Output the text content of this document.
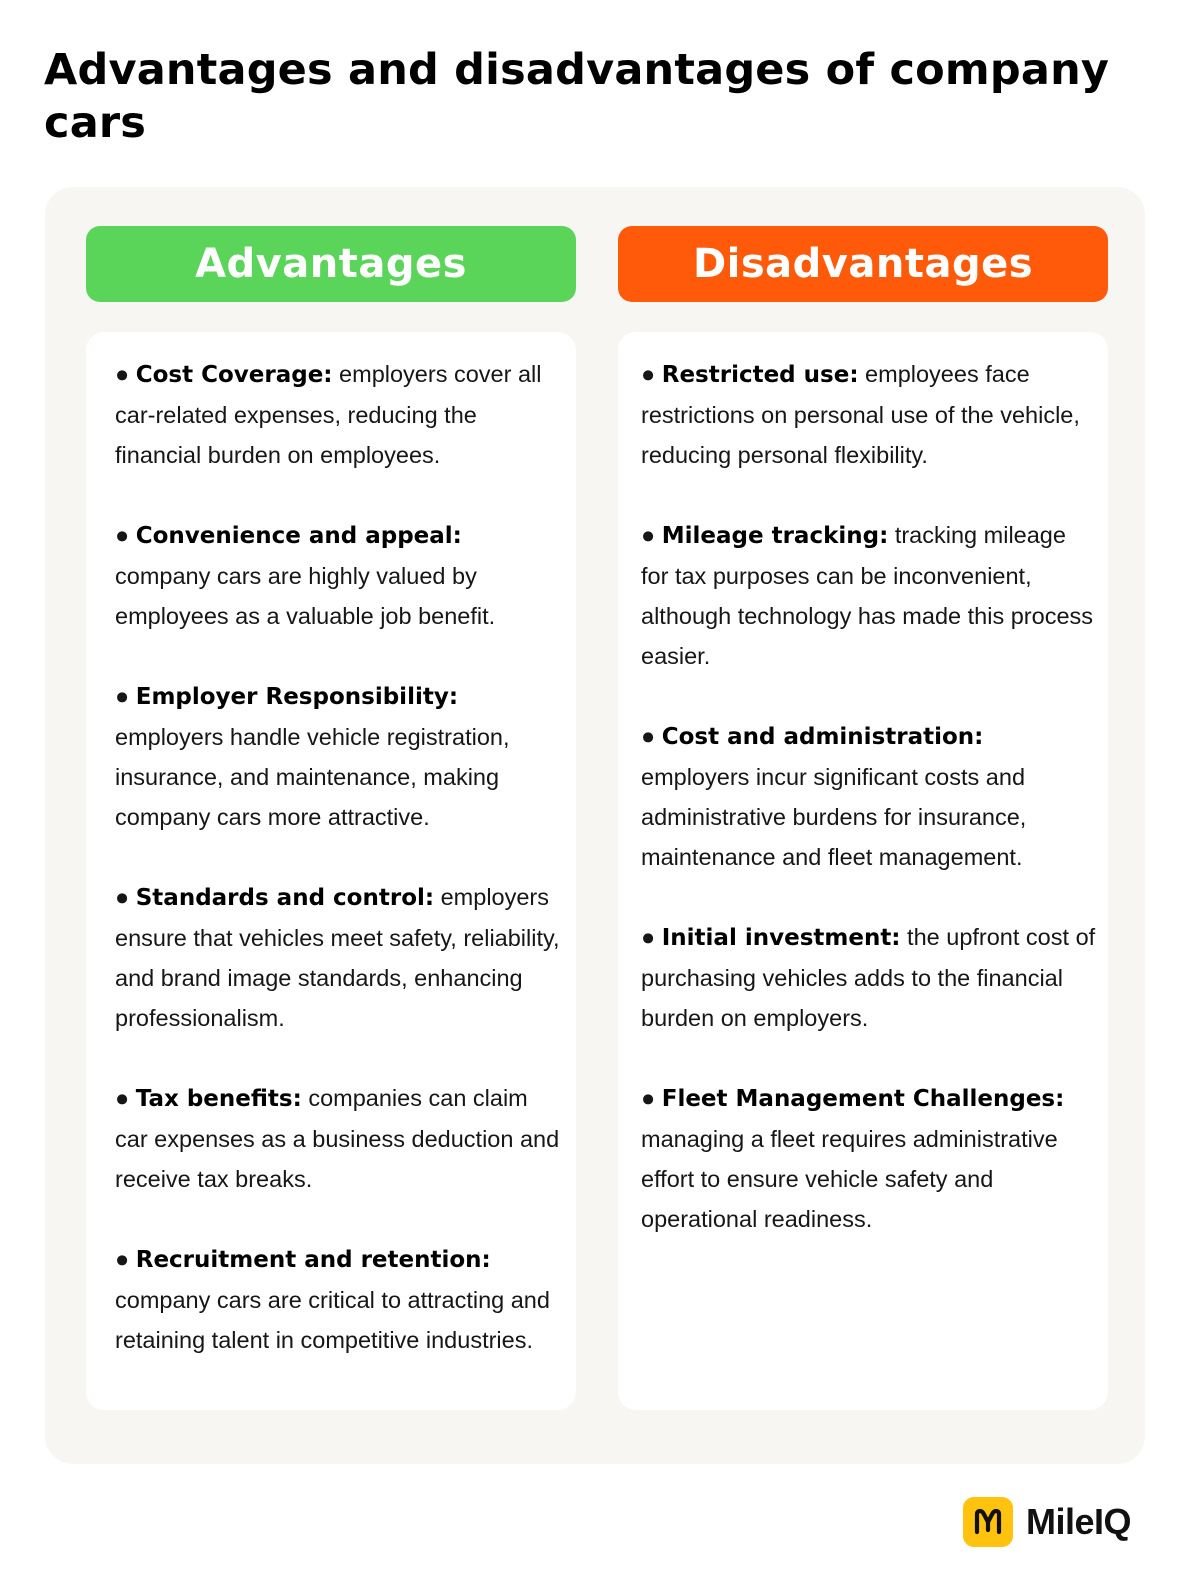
Advantages and disadvantages of company cars
Advantages	Disadvantages

● Cost Coverage: employers cover all car-related expenses, reducing the financial burden on employees.

● Convenience and appeal: company cars are highly valued by employees as a valuable job benefit.

● Employer Responsibility: employers handle vehicle registration, insurance, and maintenance, making company cars more attractive.

● Standards and control: employers ensure that vehicles meet safety, reliability, and brand image standards, enhancing professionalism.

● Tax benefits: companies can claim car expenses as a business deduction and receive tax breaks.

● Recruitment and retention: company cars are critical to attracting and retaining talent in competitive industries.

● Restricted use: employees face restrictions on personal use of the vehicle, reducing personal flexibility.

● Mileage tracking: tracking mileage for tax purposes can be inconvenient, although technology has made this process easier.

● Cost and administration: employers incur significant costs and administrative burdens for insurance, maintenance and fleet management.

● Initial investment: the upfront cost of purchasing vehicles adds to the financial burden on employers.

● Fleet Management Challenges: managing a fleet requires administrative effort to ensure vehicle safety and operational readiness.

MileIQ
